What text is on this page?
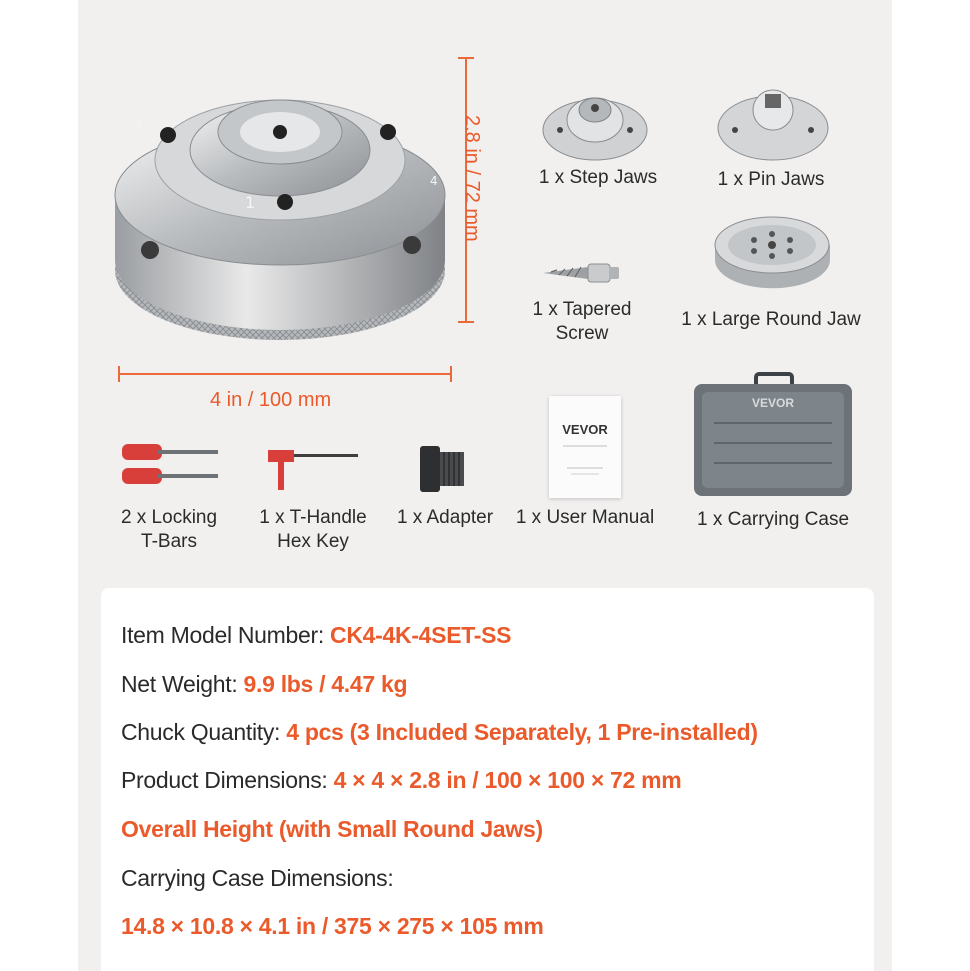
1
4
7	2.8 in / 72 mm
4 in / 100 mm
1 x Step Jaws	1 x Pin Jaws
1 x Tapered
Screw
1 x Large Round Jaw
2 x Locking
T-Bars
1 x T-Handle
Hex Key
1 x Adapter
VEVOR
1 x User Manual
VEVOR
1 x Carrying Case
Item Model Number: CK4-4K-4SET-SS
Net Weight: 9.9 lbs / 4.47 kg
Chuck Quantity: 4 pcs (3 Included Separately, 1 Pre-installed)
Product Dimensions: 4 × 4 × 2.8 in / 100 × 100 × 72 mm
Overall Height (with Small Round Jaws)
Carrying Case Dimensions:
14.8 × 10.8 × 4.1 in / 375 × 275 × 105 mm
